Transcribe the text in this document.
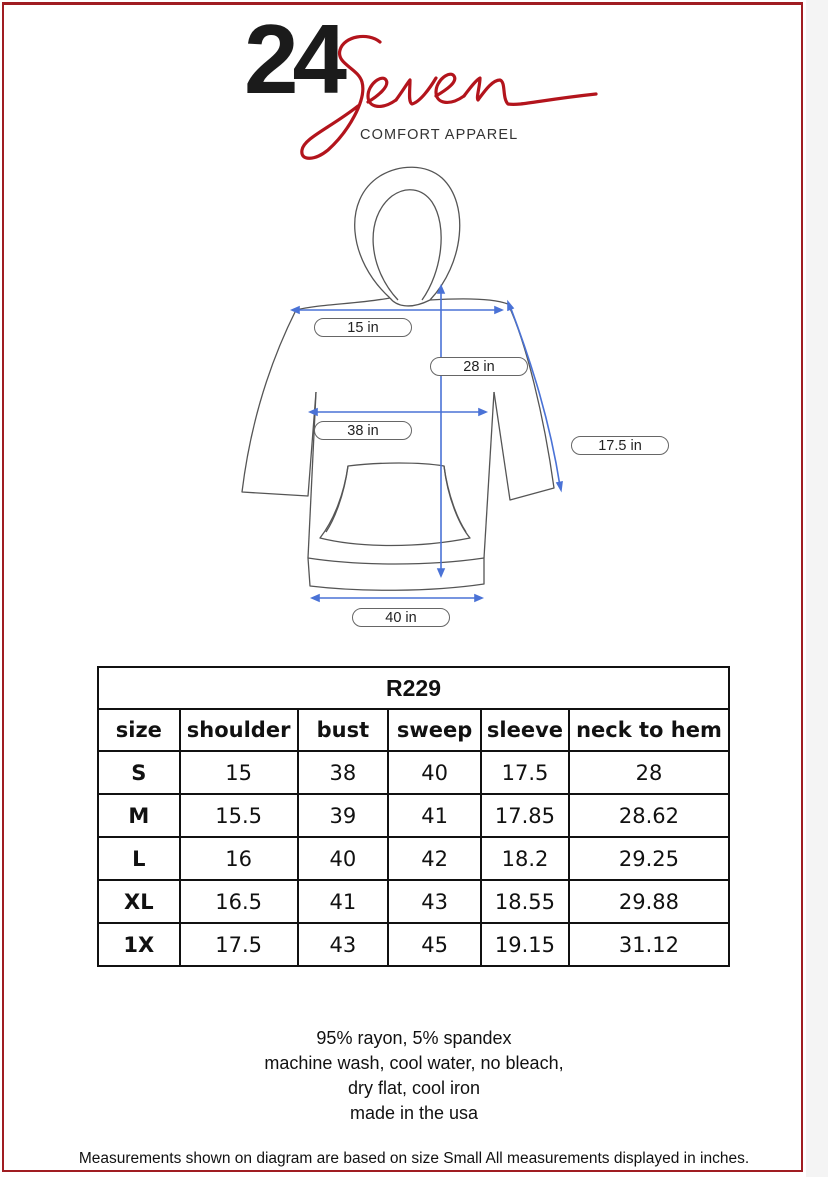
24
COMFORT APPAREL
15 in
28 in
38 in
17.5 in
40 in
R229					
size	shoulder	bust	sweep	sleeve	neck to hem
S	15	38	40	17.5	28
M	15.5	39	41	17.85	28.62
L	16	40	42	18.2	29.25
XL	16.5	41	43	18.55	29.88
1X	17.5	43	45	19.15	31.12
95% rayon, 5% spandex
machine wash, cool water, no bleach,
dry flat, cool iron
made in the usa
Measurements shown on diagram are based on size Small All measurements displayed in inches.
